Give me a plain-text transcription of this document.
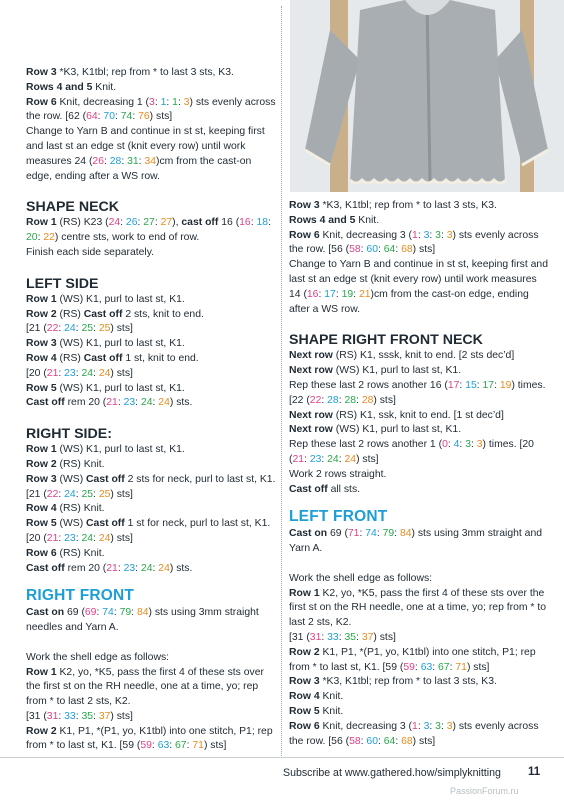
Row 3 *K3, K1tbl; rep from * to last 3 sts, K3.

Rows 4 and 5 Knit.

Row 6 Knit, decreasing 1 (3: 1: 1: 3) sts evenly across the row. [62 (64: 70: 74: 76) sts]

Change to Yarn B and continue in st st, keeping first and last st an edge st (knit every row) until work measures 24 (26: 28: 31: 34)cm from the cast-on edge, ending after a WS row.

SHAPE NECK

Row 1 (RS) K23 (24: 26: 27: 27), cast off 16 (16: 18: 20: 22) centre sts, work to end of row.

Finish each side separately.

LEFT SIDE

Row 1 (WS) K1, purl to last st, K1.

Row 2 (RS) Cast off 2 sts, knit to end.

[21 (22: 24: 25: 25) sts]

Row 3 (WS) K1, purl to last st, K1.

Row 4 (RS) Cast off 1 st, knit to end.

[20 (21: 23: 24: 24) sts]

Row 5 (WS) K1, purl to last st, K1.

Cast off rem 20 (21: 23: 24: 24) sts.

RIGHT SIDE:

Row 1 (WS) K1, purl to last st, K1.

Row 2 (RS) Knit.

Row 3 (WS) Cast off 2 sts for neck, purl to last st, K1. [21 (22: 24: 25: 25) sts]

Row 4 (RS) Knit.

Row 5 (WS) Cast off 1 st for neck, purl to last st, K1. [20 (21: 23: 24: 24) sts]

Row 6 (RS) Knit.

Cast off rem 20 (21: 23: 24: 24) sts.

RIGHT FRONT

Cast on 69 (69: 74: 79: 84) sts using 3mm straight needles and Yarn A.

Work the shell edge as follows:

Row 1 K2, yo, *K5, pass the first 4 of these sts over the first st on the RH needle, one at a time, yo; rep from * to last 2 sts, K2.

[31 (31: 33: 35: 37) sts]

Row 2 K1, P1, *(P1, yo, K1tbl) into one stitch, P1; rep from * to last st, K1. [59 (59: 63: 67: 71) sts]

Row 3 *K3, K1tbl; rep from * to last 3 sts, K3.

Rows 4 and 5 Knit.

Row 6 Knit, decreasing 3 (1: 3: 3: 3) sts evenly across the row. [56 (58: 60: 64: 68) sts]

Change to Yarn B and continue in st st, keeping first and last st an edge st (knit every row) until work measures 14 (16: 17: 19: 21)cm from the cast-on edge, ending after a WS row.

SHAPE RIGHT FRONT NECK

Next row (RS) K1, sssk, knit to end. [2 sts dec’d]

Next row (WS) K1, purl to last st, K1.

Rep these last 2 rows another 16 (17: 15: 17: 19) times. [22 (22: 28: 28: 28) sts]

Next row (RS) K1, ssk, knit to end. [1 st dec’d]

Next row (WS) K1, purl to last st, K1.

Rep these last 2 rows another 1 (0: 4: 3: 3) times. [20 (21: 23: 24: 24) sts]

Work 2 rows straight.

Cast off all sts.

LEFT FRONT

Cast on 69 (71: 74: 79: 84) sts using 3mm straight and Yarn A.

Work the shell edge as follows:

Row 1 K2, yo, *K5, pass the first 4 of these sts over the first st on the RH needle, one at a time, yo; rep from * to last 2 sts, K2.

[31 (31: 33: 35: 37) sts]

Row 2 K1, P1, *(P1, yo, K1tbl) into one stitch, P1; rep from * to last st, K1. [59 (59: 63: 67: 71) sts]

Row 3 *K3, K1tbl; rep from * to last 3 sts, K3.

Row 4 Knit.

Row 5 Knit.

Row 6 Knit, decreasing 3 (1: 3: 3: 3) sts evenly across the row. [56 (58: 60: 64: 68) sts]

Subscribe at www.gathered.how/simplyknitting 11
PassionForum.ru
